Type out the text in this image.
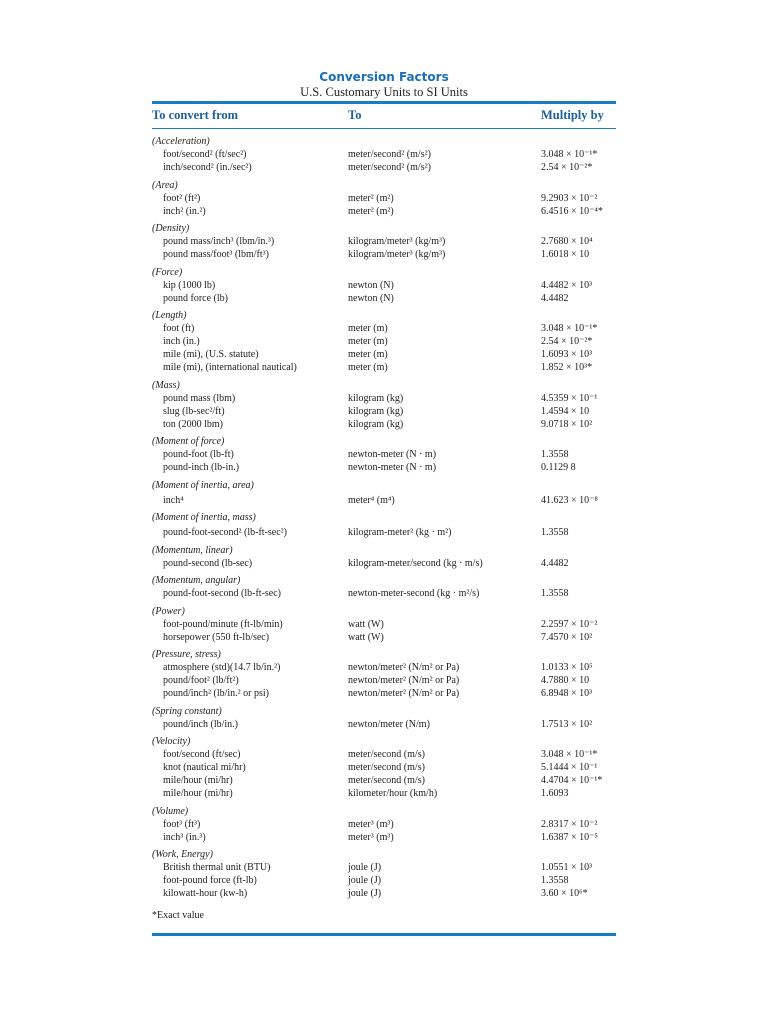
Conversion Factors
U.S. Customary Units to SI Units
To convert from	To	Multiply by
(Acceleration)
foot/second² (ft/sec²)	meter/second² (m/s²)	3.048 × 10⁻¹*
inch/second² (in./sec²)	meter/second² (m/s²)	2.54 × 10⁻²*
(Area)
foot² (ft²)	meter² (m²)	9.2903 × 10⁻²
inch² (in.²)	meter² (m²)	6.4516 × 10⁻⁴*
(Density)
pound mass/inch³ (lbm/in.³)	kilogram/meter³ (kg/m³)	2.7680 × 10⁴
pound mass/foot³ (lbm/ft³)	kilogram/meter³ (kg/m³)	1.6018 × 10
(Force)
kip (1000 lb)	newton (N)	4.4482 × 10³
pound force (lb)	newton (N)	4.4482
(Length)
foot (ft)	meter (m)	3.048 × 10⁻¹*
inch (in.)	meter (m)	2.54 × 10⁻²*
mile (mi), (U.S. statute)	meter (m)	1.6093 × 10³
mile (mi), (international nautical)	meter (m)	1.852 × 10³*
(Mass)
pound mass (lbm)	kilogram (kg)	4.5359 × 10⁻¹
slug (lb-sec²/ft)	kilogram (kg)	1.4594 × 10
ton (2000 lbm)	kilogram (kg)	9.0718 × 10²
(Moment of force)
pound-foot (lb-ft)	newton-meter (N · m)	1.3558
pound-inch (lb-in.)	newton-meter (N · m)	0.1129 8
(Moment of inertia, area)
inch⁴	meter⁴ (m⁴)	41.623 × 10⁻⁸
(Moment of inertia, mass)
pound-foot-second² (lb-ft-sec²)	kilogram-meter² (kg · m²)	1.3558
(Momentum, linear)
pound-second (lb-sec)	kilogram-meter/second (kg · m/s)	4.4482
(Momentum, angular)
pound-foot-second (lb-ft-sec)	newton-meter-second (kg · m²/s)	1.3558
(Power)
foot-pound/minute (ft-lb/min)	watt (W)	2.2597 × 10⁻²
horsepower (550 ft-lb/sec)	watt (W)	7.4570 × 10²
(Pressure, stress)
atmosphere (std)(14.7 lb/in.²)	newton/meter² (N/m² or Pa)	1.0133 × 10⁵
pound/foot² (lb/ft²)	newton/meter² (N/m² or Pa)	4.7880 × 10
pound/inch² (lb/in.² or psi)	newton/meter² (N/m² or Pa)	6.8948 × 10³
(Spring constant)
pound/inch (lb/in.)	newton/meter (N/m)	1.7513 × 10²
(Velocity)
foot/second (ft/sec)	meter/second (m/s)	3.048 × 10⁻¹*
knot (nautical mi/hr)	meter/second (m/s)	5.1444 × 10⁻¹
mile/hour (mi/hr)	meter/second (m/s)	4.4704 × 10⁻¹*
mile/hour (mi/hr)	kilometer/hour (km/h)	1.6093
(Volume)
foot³ (ft³)	meter³ (m³)	2.8317 × 10⁻²
inch³ (in.³)	meter³ (m³)	1.6387 × 10⁻⁵
(Work, Energy)
British thermal unit (BTU)	joule (J)	1.0551 × 10³
foot-pound force (ft-lb)	joule (J)	1.3558
kilowatt-hour (kw-h)	joule (J)	3.60 × 10⁶*
*Exact value
